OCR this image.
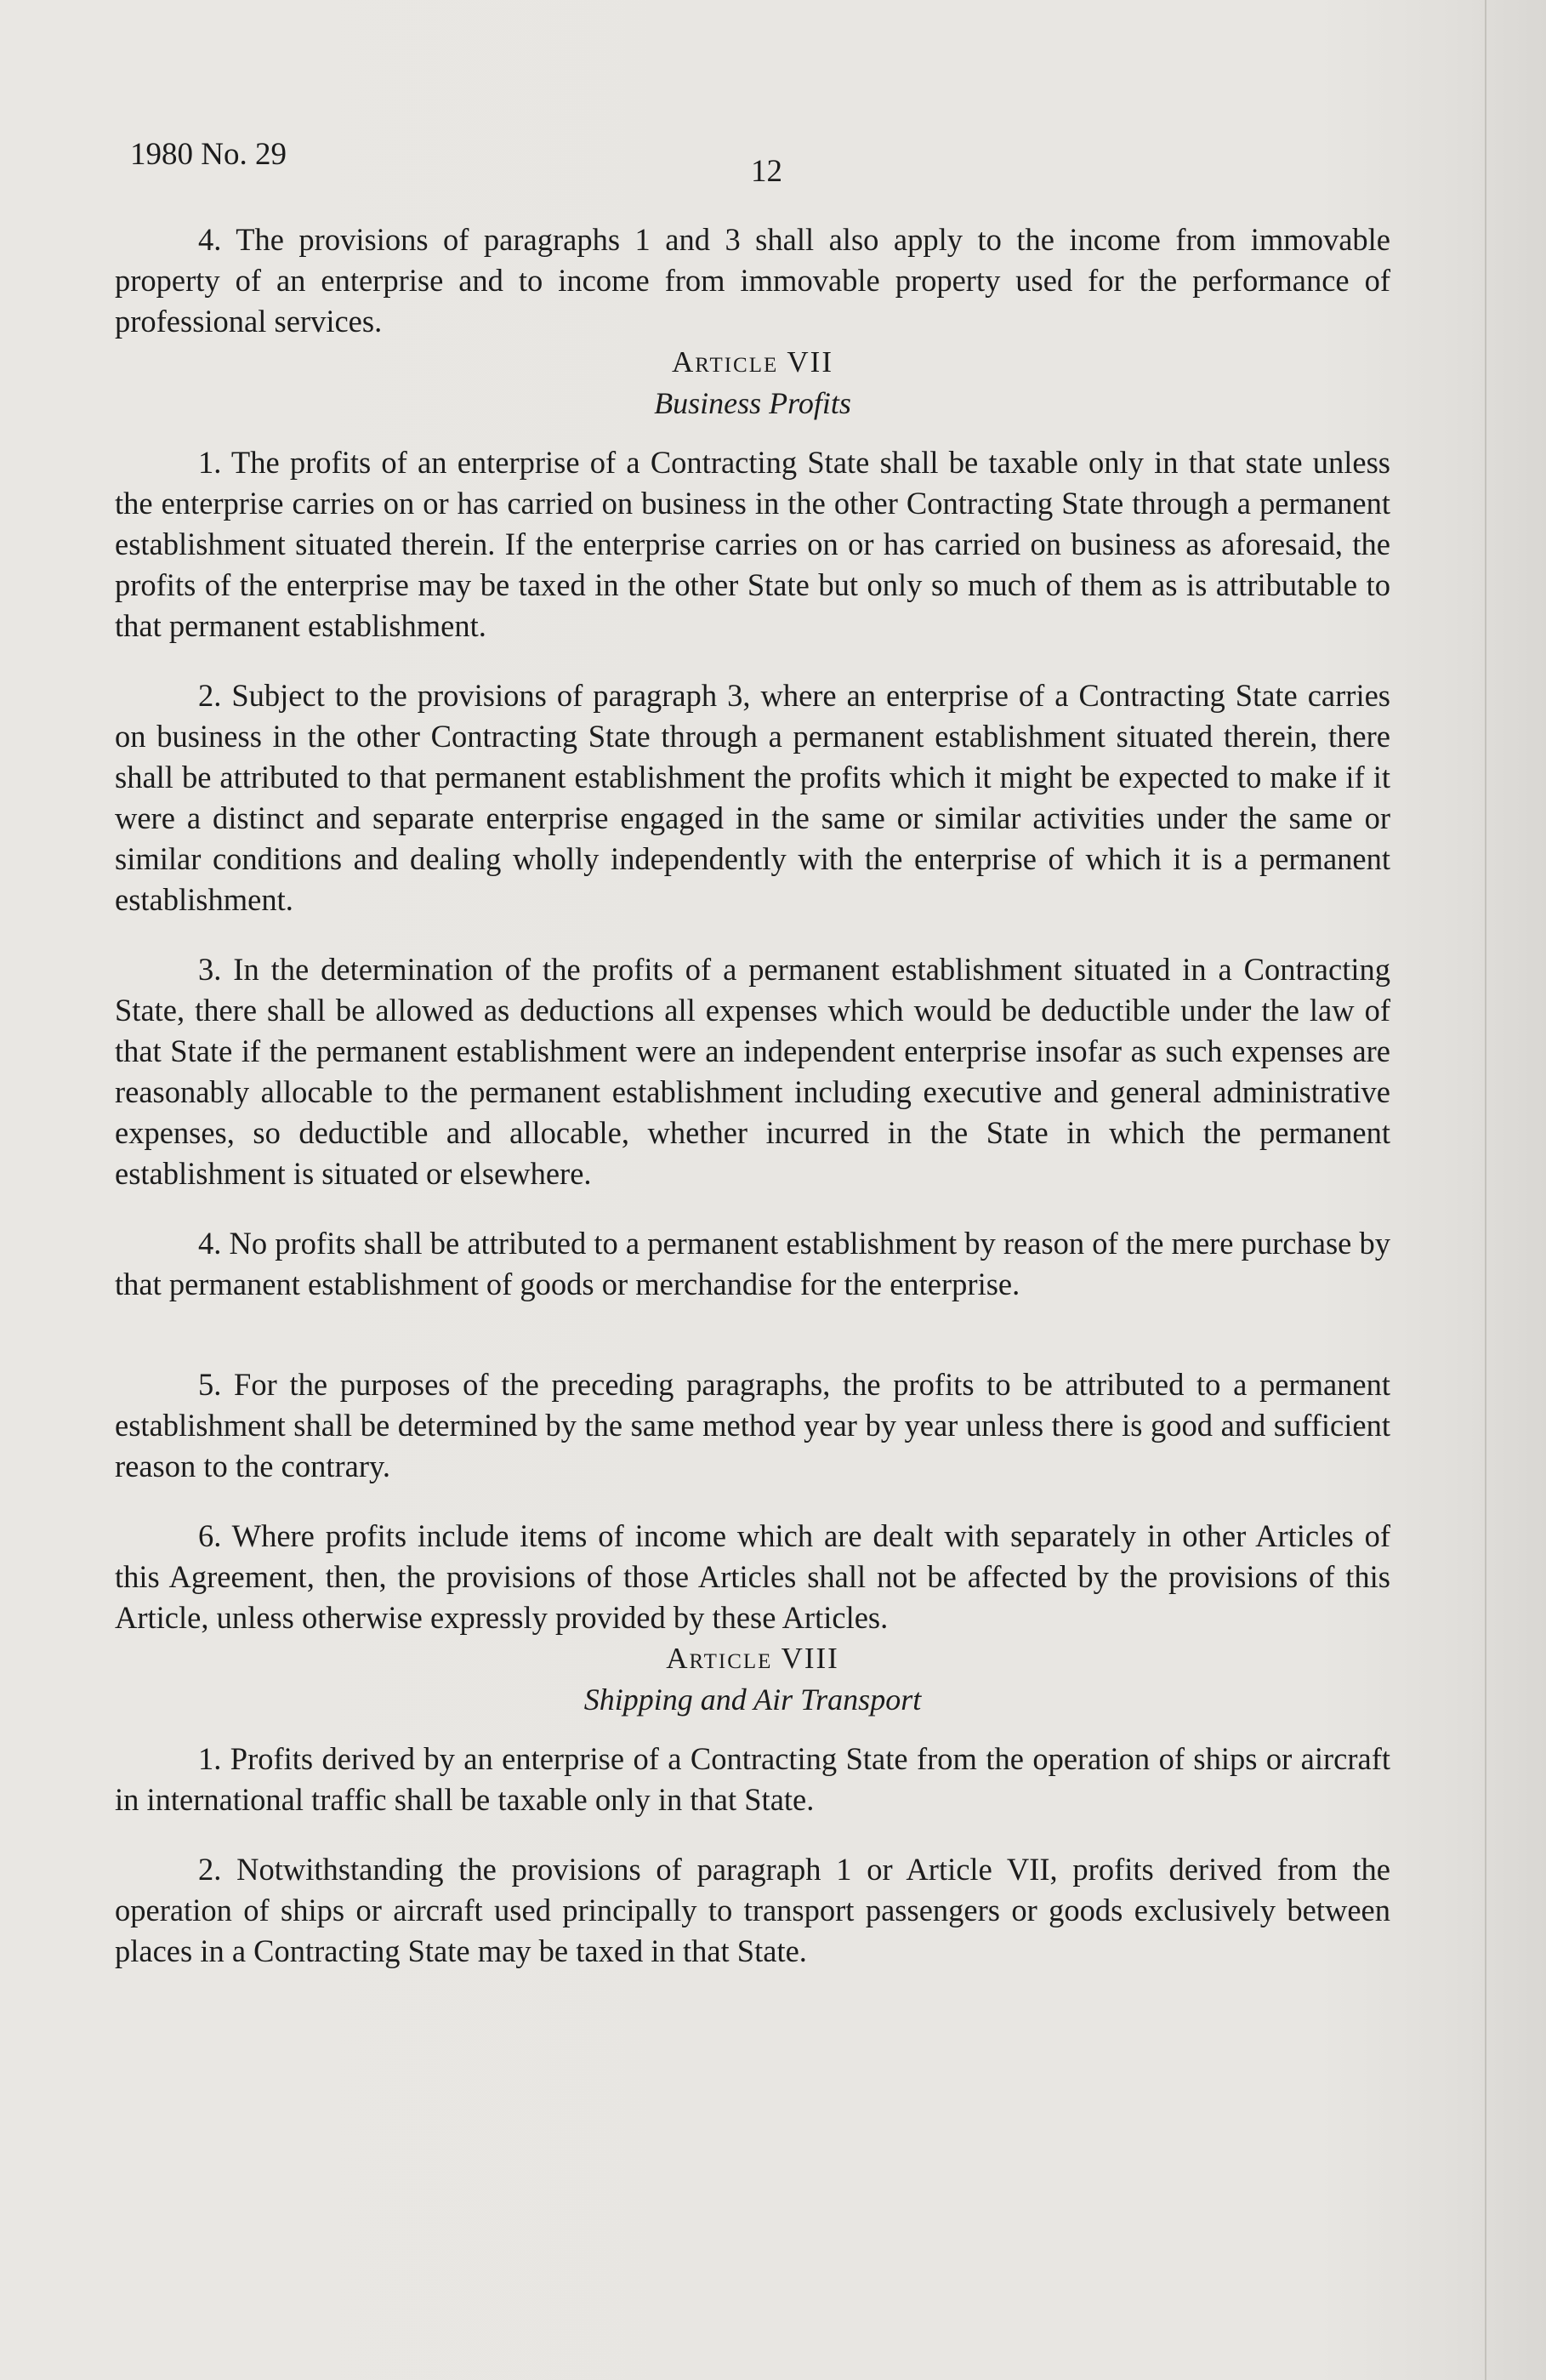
1980 No. 29	12

4. The provisions of paragraphs 1 and 3 shall also apply to the income from immovable property of an enterprise and to income from immovable property used for the performance of professional services.

Article VII

Business Profits

1. The profits of an enterprise of a Contracting State shall be taxable only in that state unless the enterprise carries on or has carried on business in the other Contracting State through a permanent establishment situated therein. If the enterprise carries on or has carried on business as aforesaid, the profits of the enterprise may be taxed in the other State but only so much of them as is attributable to that permanent establishment.

2. Subject to the provisions of paragraph 3, where an enterprise of a Contracting State carries on business in the other Contracting State through a permanent establishment situated therein, there shall be attributed to that permanent establishment the profits which it might be expected to make if it were a distinct and separate enterprise engaged in the same or similar activities under the same or similar conditions and dealing wholly independently with the enterprise of which it is a permanent establishment.

3. In the determination of the profits of a permanent establishment situated in a Contracting State, there shall be allowed as deductions all expenses which would be deductible under the law of that State if the permanent establishment were an independent enterprise insofar as such expenses are reasonably allocable to the permanent establishment including executive and general administrative expenses, so deductible and allocable, whether incurred in the State in which the permanent establishment is situated or elsewhere.

4. No profits shall be attributed to a permanent establishment by reason of the mere purchase by that permanent establishment of goods or merchandise for the enterprise.

5. For the purposes of the preceding paragraphs, the profits to be attributed to a permanent establishment shall be determined by the same method year by year unless there is good and sufficient reason to the contrary.

6. Where profits include items of income which are dealt with separately in other Articles of this Agreement, then, the provisions of those Articles shall not be affected by the provisions of this Article, unless otherwise expressly provided by these Articles.

Article VIII

Shipping and Air Transport

1. Profits derived by an enterprise of a Contracting State from the operation of ships or aircraft in international traffic shall be taxable only in that State.

2. Notwithstanding the provisions of paragraph 1 or Article VII, profits derived from the operation of ships or aircraft used principally to transport passengers or goods exclusively between places in a Contracting State may be taxed in that State.
